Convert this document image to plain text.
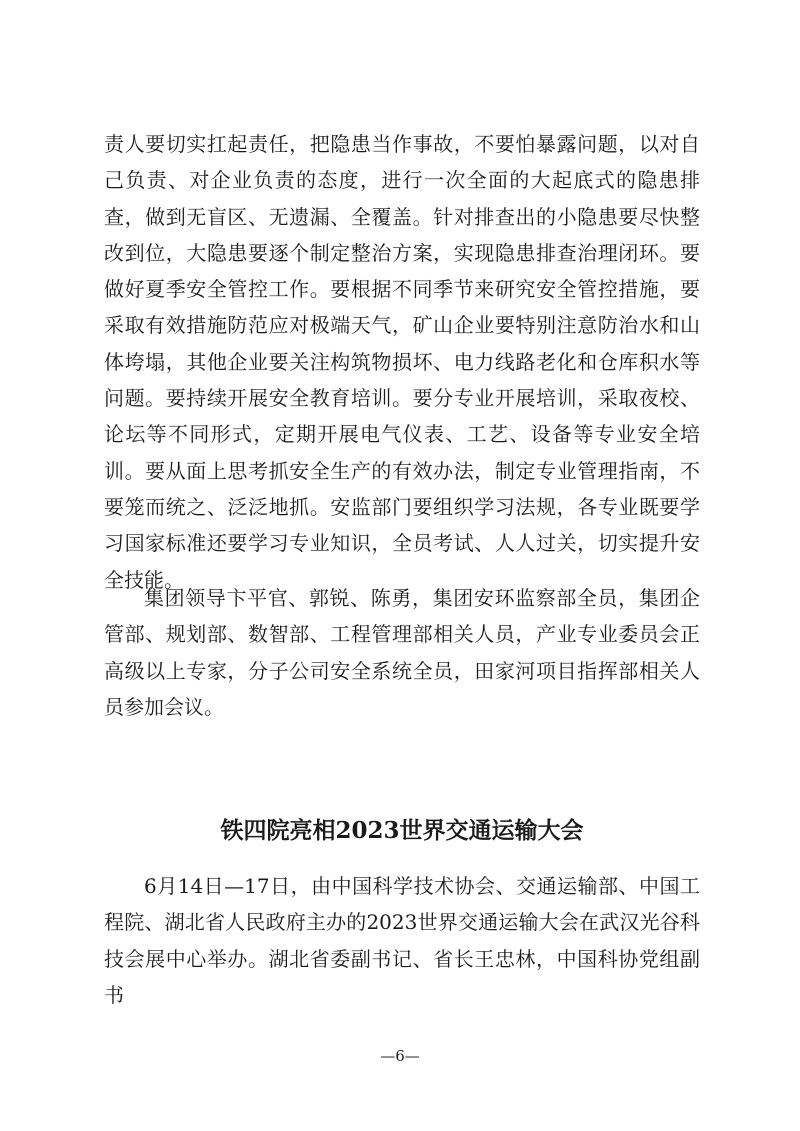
责人要切实扛起责任，把隐患当作事故，不要怕暴露问题，以对自己负责、对企业负责的态度，进行一次全面的大起底式的隐患排查，做到无盲区、无遗漏、全覆盖。针对排查出的小隐患要尽快整改到位，大隐患要逐个制定整治方案，实现隐患排查治理闭环。要做好夏季安全管控工作。要根据不同季节来研究安全管控措施，要采取有效措施防范应对极端天气，矿山企业要特别注意防治水和山体垮塌，其他企业要关注构筑物损坏、电力线路老化和仓库积水等问题。要持续开展安全教育培训。要分专业开展培训，采取夜校、论坛等不同形式，定期开展电气仪表、工艺、设备等专业安全培训。要从面上思考抓安全生产的有效办法，制定专业管理指南，不要笼而统之、泛泛地抓。安监部门要组织学习法规，各专业既要学习国家标准还要学习专业知识，全员考试、人人过关，切实提升安全技能。

集团领导卞平官、郭锐、陈勇，集团安环监察部全员，集团企管部、规划部、数智部、工程管理部相关人员，产业专业委员会正高级以上专家，分子公司安全系统全员，田家河项目指挥部相关人员参加会议。

铁四院亮相2023世界交通运输大会

6月14日—17日，由中国科学技术协会、交通运输部、中国工程院、湖北省人民政府主办的2023世界交通运输大会在武汉光谷科技会展中心举办。湖北省委副书记、省长王忠林，中国科协党组副书

—6—
